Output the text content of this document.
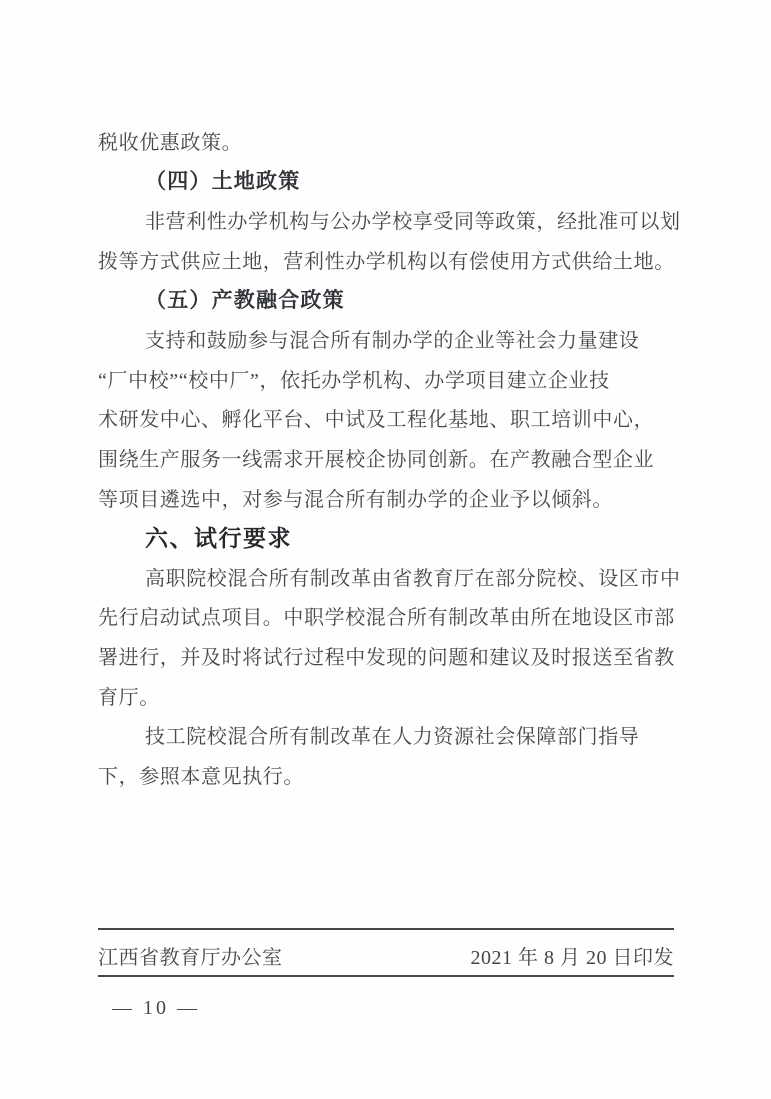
税收优惠政策。
（四）土地政策
非营利性办学机构与公办学校享受同等政策，经批准可以划
拨等方式供应土地，营利性办学机构以有偿使用方式供给土地。
（五）产教融合政策
支持和鼓励参与混合所有制办学的企业等社会力量建设
“厂中校”“校中厂”，依托办学机构、办学项目建立企业技
术研发中心、孵化平台、中试及工程化基地、职工培训中心，
围绕生产服务一线需求开展校企协同创新。在产教融合型企业
等项目遴选中，对参与混合所有制办学的企业予以倾斜。
六、试行要求
高职院校混合所有制改革由省教育厅在部分院校、设区市中
先行启动试点项目。中职学校混合所有制改革由所在地设区市部
署进行，并及时将试行过程中发现的问题和建议及时报送至省教
育厅。
技工院校混合所有制改革在人力资源社会保障部门指导
下，参照本意见执行。
江西省教育厅办公室	2021 年 8 月 20 日印发
— 10 —
